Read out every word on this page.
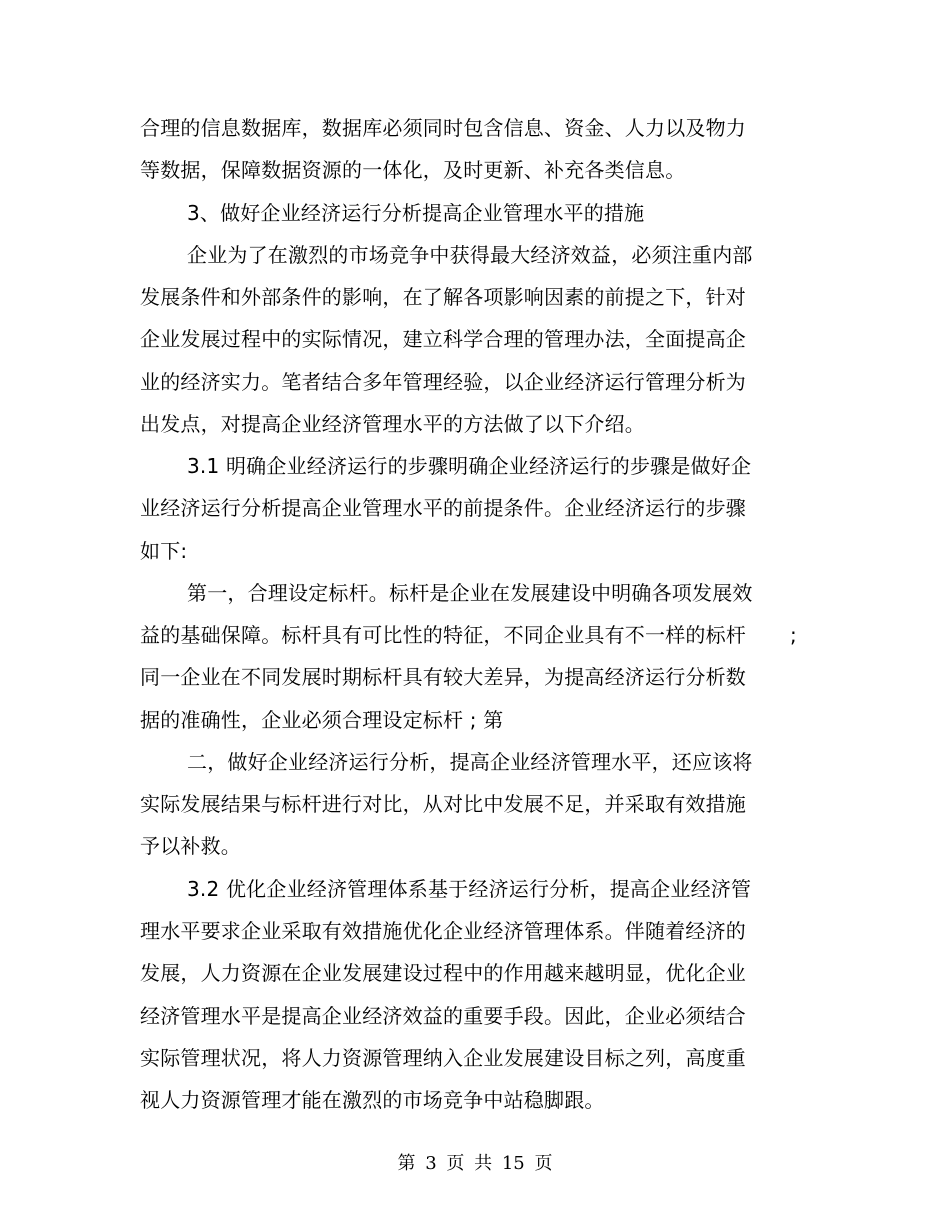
合理的信息数据库，数据库必须同时包含信息、资金、人力以及物力
等数据，保障数据资源的一体化，及时更新、补充各类信息。
3、做好企业经济运行分析提高企业管理水平的措施
企业为了在激烈的市场竞争中获得最大经济效益，必须注重内部
发展条件和外部条件的影响，在了解各项影响因素的前提之下，针对
企业发展过程中的实际情况，建立科学合理的管理办法，全面提高企
业的经济实力。笔者结合多年管理经验，以企业经济运行管理分析为
出发点，对提高企业经济管理水平的方法做了以下介绍。
3.1 明确企业经济运行的步骤明确企业经济运行的步骤是做好企
业经济运行分析提高企业管理水平的前提条件。企业经济运行的步骤
如下:
第一，合理设定标杆。标杆是企业在发展建设中明确各项发展效
益的基础保障。标杆具有可比性的特征，不同企业具有不一样的标杆 ;
同一企业在不同发展时期标杆具有较大差异，为提高经济运行分析数
据的准确性，企业必须合理设定标杆 ; 第
二，做好企业经济运行分析，提高企业经济管理水平，还应该将
实际发展结果与标杆进行对比，从对比中发展不足，并采取有效措施
予以补救。
3.2 优化企业经济管理体系基于经济运行分析，提高企业经济管
理水平要求企业采取有效措施优化企业经济管理体系。伴随着经济的
发展，人力资源在企业发展建设过程中的作用越来越明显，优化企业
经济管理水平是提高企业经济效益的重要手段。因此，企业必须结合
实际管理状况，将人力资源管理纳入企业发展建设目标之列，高度重
视人力资源管理才能在激烈的市场竞争中站稳脚跟。
第 3 页 共 15 页
